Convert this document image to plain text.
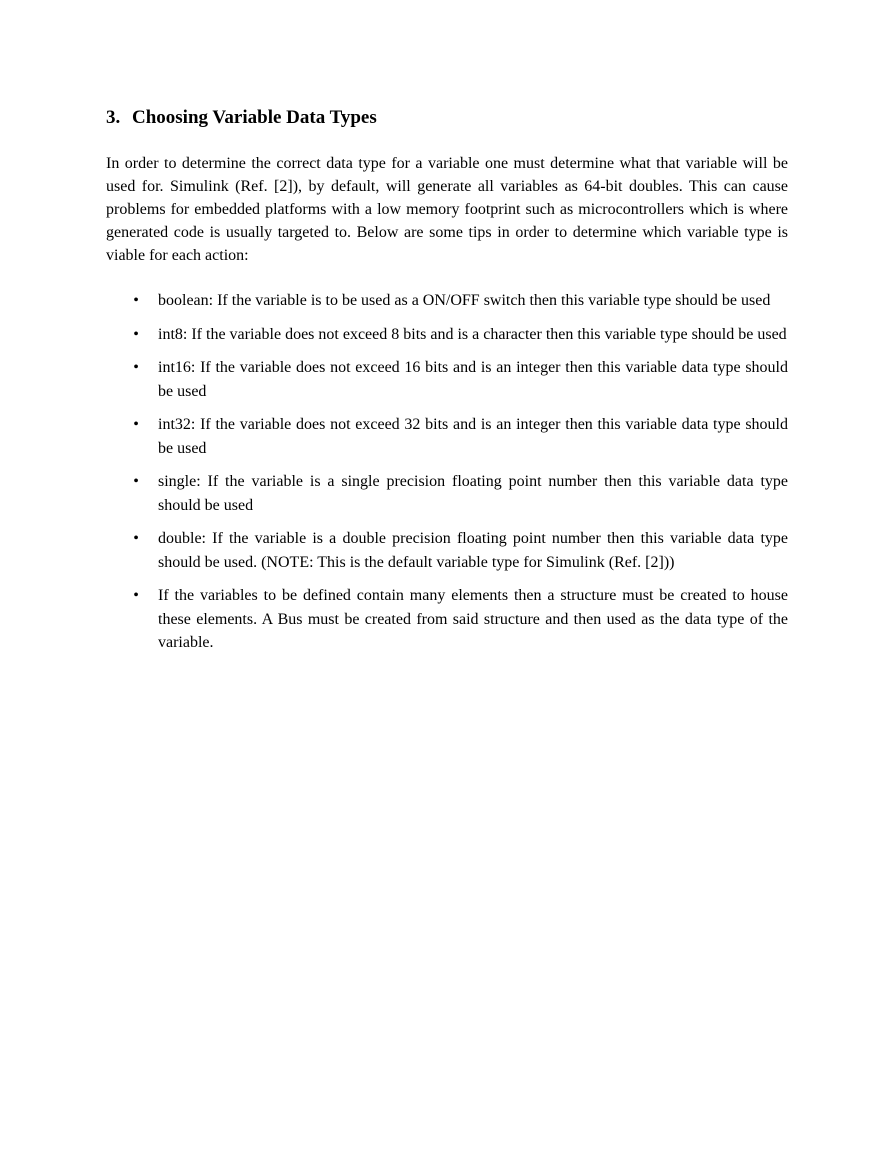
3. Choosing Variable Data Types

In order to determine the correct data type for a variable one must determine what that variable will be used for. Simulink (Ref. [2]), by default, will generate all variables as 64-bit doubles. This can cause problems for embedded platforms with a low memory footprint such as microcontrollers which is where generated code is usually targeted to. Below are some tips in order to determine which variable type is viable for each action:

• boolean: If the variable is to be used as a ON/OFF switch then this variable type should be used
• int8: If the variable does not exceed 8 bits and is a character then this variable type should be used
• int16: If the variable does not exceed 16 bits and is an integer then this variable data type should be used
• int32: If the variable does not exceed 32 bits and is an integer then this variable data type should be used
• single: If the variable is a single precision floating point number then this variable data type should be used
• double: If the variable is a double precision floating point number then this variable data type should be used. (NOTE: This is the default variable type for Simulink (Ref. [2]))
• If the variables to be defined contain many elements then a structure must be created to house these elements. A Bus must be created from said structure and then used as the data type of the variable.
